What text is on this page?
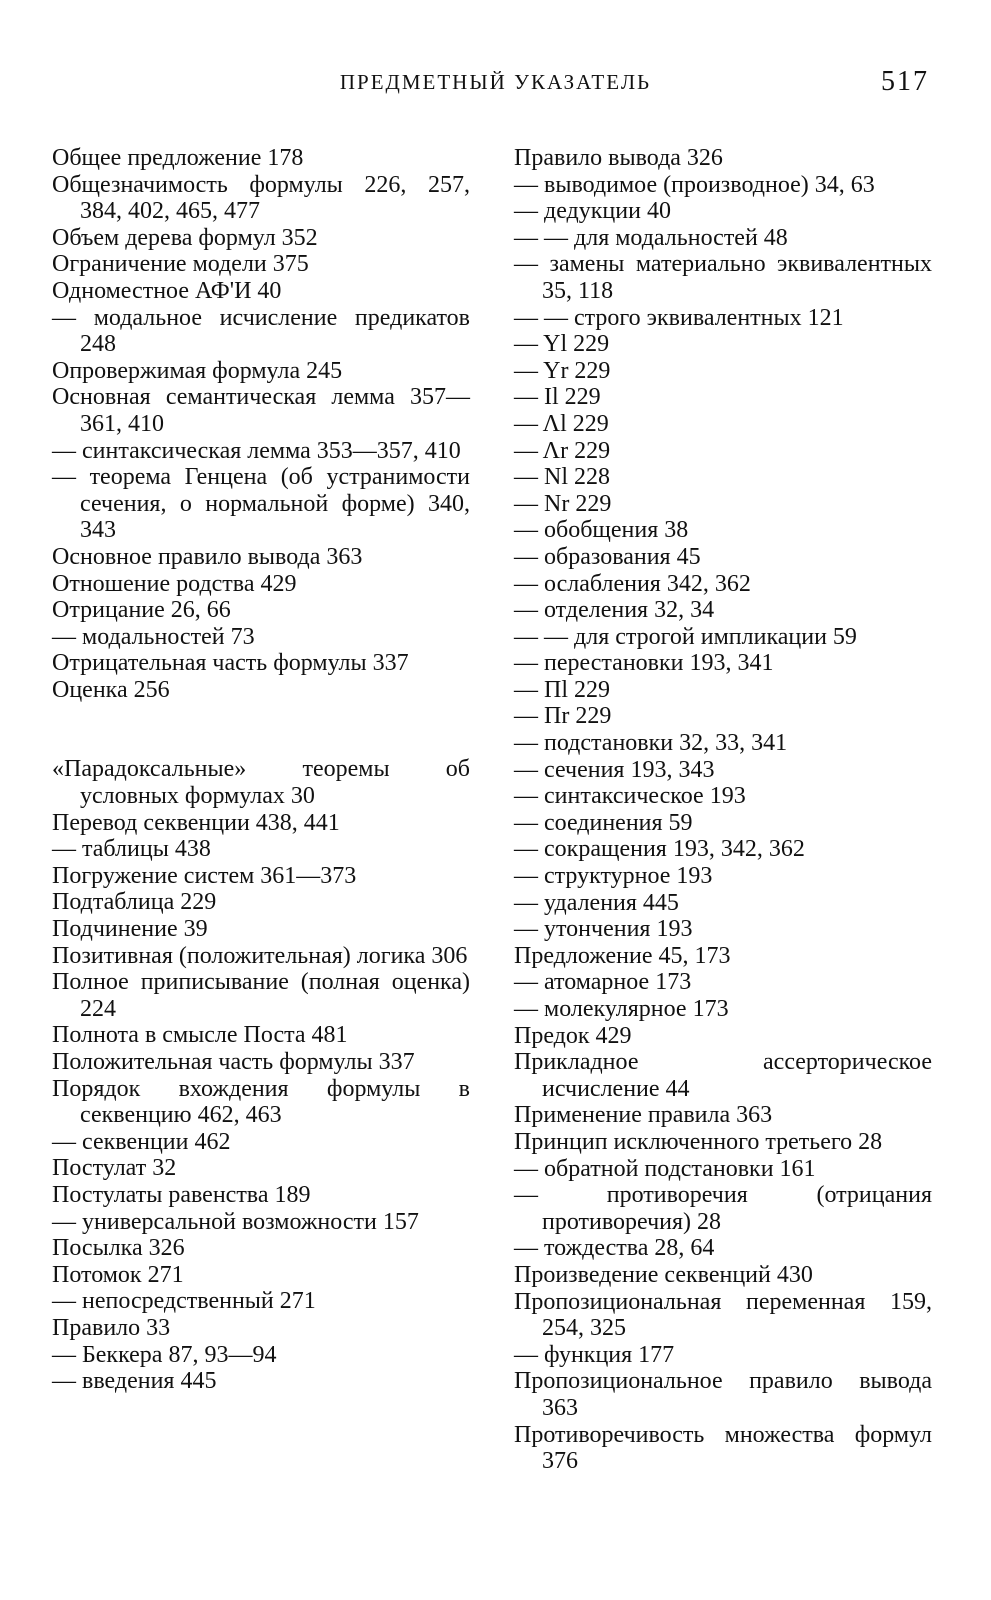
ПРЕДМЕТНЫЙ УКАЗАТЕЛЬ	517
Общее предложение 178
Общезначимость формулы 226, 257, 384, 402, 465, 477
Объем дерева формул 352
Ограничение модели 375
Одноместное АФ'И 40
— модальное исчисление предикатов 248
Опровержимая формула 245
Основная семантическая лемма 357—361, 410
— синтаксическая лемма 353—357, 410
— теорема Генцена (об устранимости сечения, о нормальной форме) 340, 343
Основное правило вывода 363
Отношение родства 429
Отрицание 26, 66
— модальностей 73
Отрицательная часть формулы 337
Оценка 256
«Парадоксальные» теоремы об условных формулах 30
Перевод секвенции 438, 441
— таблицы 438
Погружение систем 361—373
Подтаблица 229
Подчинение 39
Позитивная (положительная) логика 306
Полное приписывание (полная оценка) 224
Полнота в смысле Поста 481
Положительная часть формулы 337
Порядок вхождения формулы в секвенцию 462, 463
— секвенции 462
Постулат 32
Постулаты равенства 189
— универсальной возможности 157
Посылка 326
Потомок 271
— непосредственный 271
Правило 33
— Беккера 87, 93—94
— введения 445
Правило вывода 326
— выводимое (производное) 34, 63
— дедукции 40
— — для модальностей 48
— замены материально эквивалентных 35, 118
— — строго эквивалентных 121
— Yl 229
— Yr 229
— Il 229
— Λl 229
— Λr 229
— Nl 228
— Nr 229
— обобщения 38
— образования 45
— ослабления 342, 362
— отделения 32, 34
— — для строгой импликации 59
— перестановки 193, 341
— Πl 229
— Πr 229
— подстановки 32, 33, 341
— сечения 193, 343
— синтаксическое 193
— соединения 59
— сокращения 193, 342, 362
— структурное 193
— удаления 445
— утончения 193
Предложение 45, 173
— атомарное 173
— молекулярное 173
Предок 429
Прикладное ассерторическое исчисление 44
Применение правила 363
Принцип исключенного третьего 28
— обратной подстановки 161
— противоречия (отрицания противоречия) 28
— тождества 28, 64
Произведение секвенций 430
Пропозициональная переменная 159, 254, 325
— функция 177
Пропозициональное правило вывода 363
Противоречивость множества формул 376
